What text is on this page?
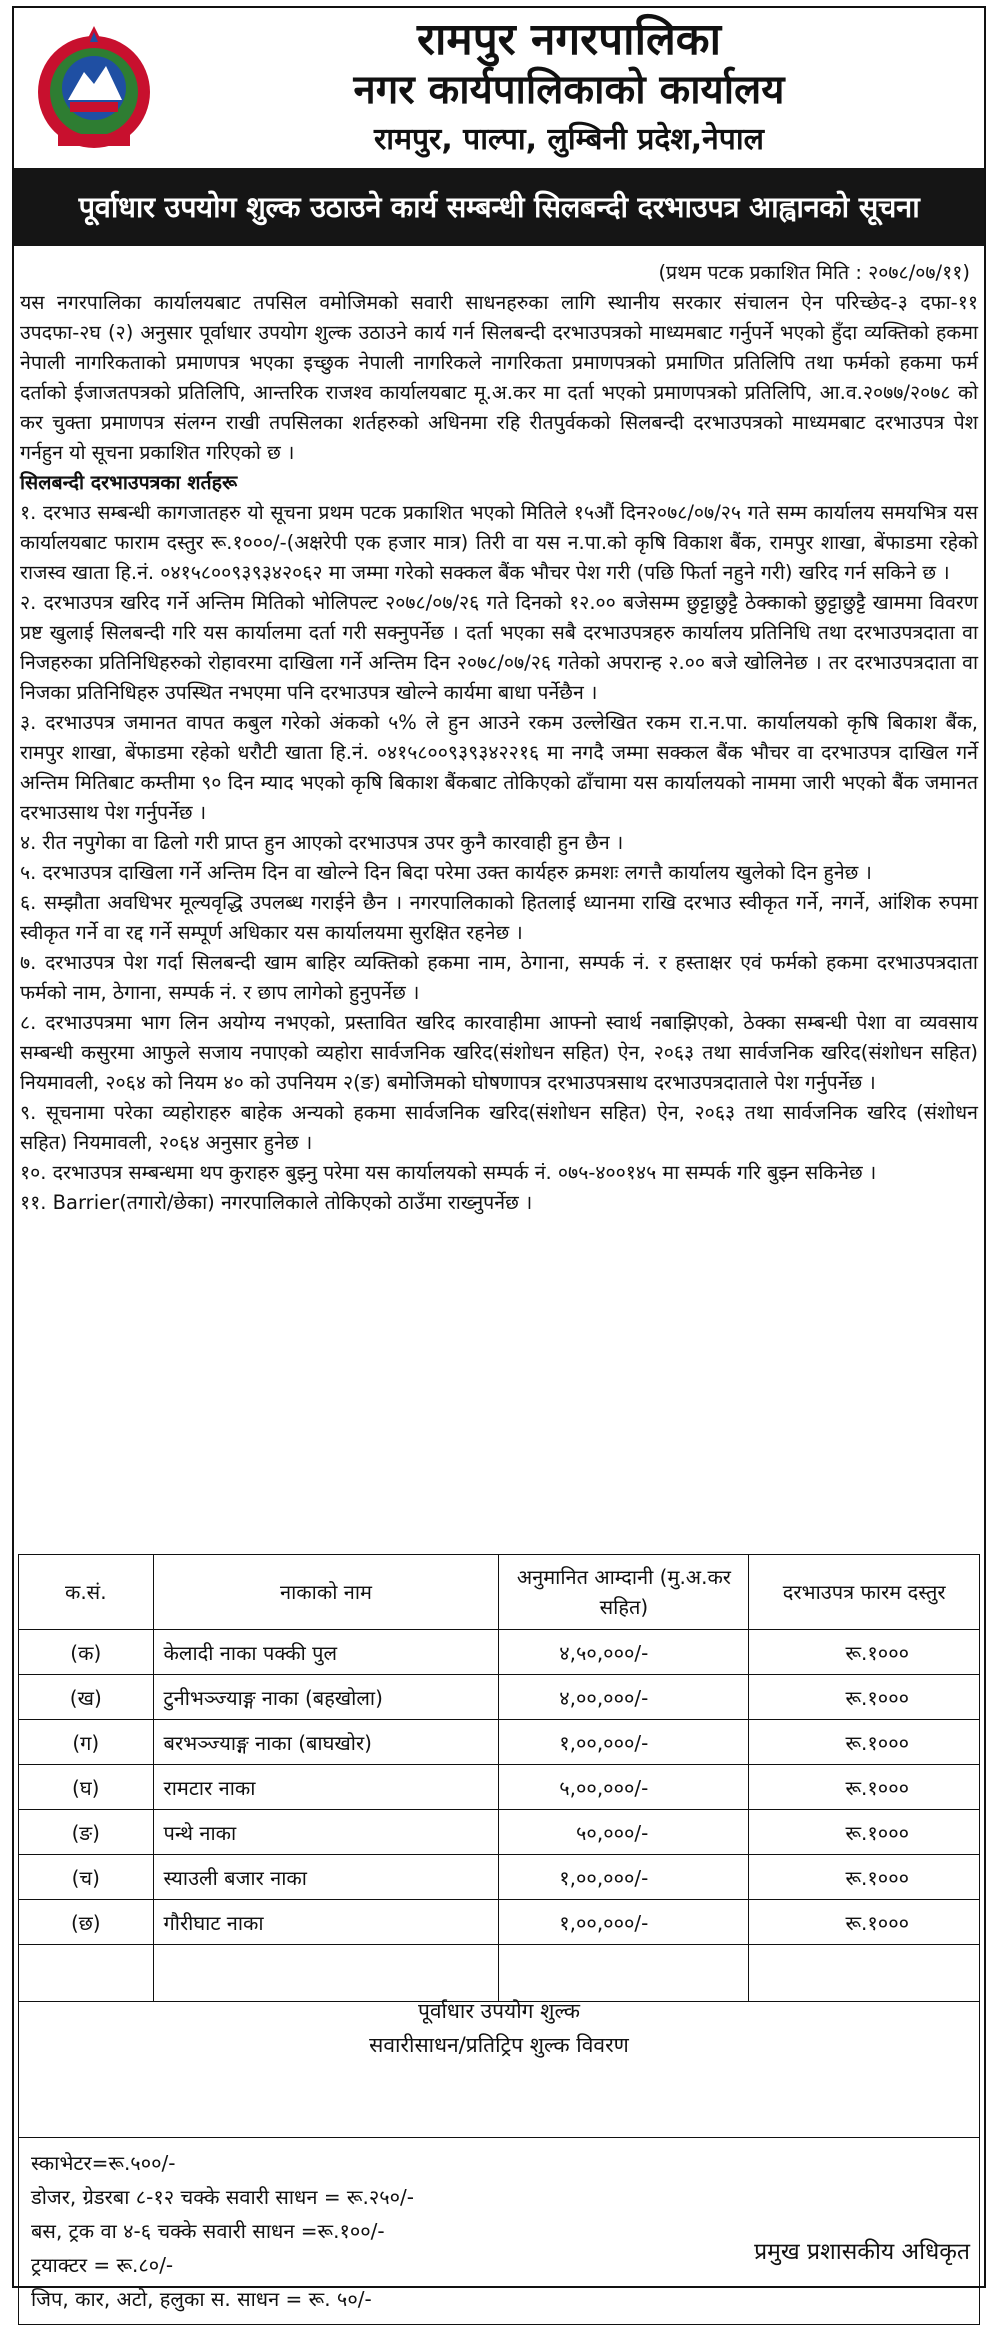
रामपुर नगरपालिका
नगर कार्यपालिकाको कार्यालय
रामपुर, पाल्पा, लुम्बिनी प्रदेश,नेपाल
पूर्वाधार उपयोग शुल्क उठाउने कार्य सम्बन्धी सिलबन्दी दरभाउपत्र आह्वानको सूचना

(प्रथम पटक प्रकाशित मिति : २०७८/०७/११)

यस नगरपालिका कार्यालयबाट तपसिल वमोजिमको सवारी साधनहरुका लागि स्थानीय सरकार संचालन ऐन परिच्छेद-३ दफा-११ उपदफा-२घ (२) अनुसार पूर्वाधार उपयोग शुल्क उठाउने कार्य गर्न सिलबन्दी दरभाउपत्रको माध्यमबाट गर्नुपर्ने भएको हुँदा व्यक्तिको हकमा नेपाली नागरिकताको प्रमाणपत्र भएका इच्छुक नेपाली नागरिकले नागरिकता प्रमाणपत्रको प्रमाणित प्रतिलिपि तथा फर्मको हकमा फर्म दर्ताको ईजाजतपत्रको प्रतिलिपि, आन्तरिक राजश्व कार्यालयबाट मू.अ.कर मा दर्ता भएको प्रमाणपत्रको प्रतिलिपि, आ.व.२०७७/२०७८ को कर चुक्ता प्रमाणपत्र संलग्न राखी तपसिलका शर्तहरुको अधिनमा रहि रीतपुर्वकको सिलबन्दी दरभाउपत्रको माध्यमबाट दरभाउपत्र पेश गर्नहुन यो सूचना प्रकाशित गरिएको छ ।

सिलबन्दी दरभाउपत्रका शर्तहरू

१. दरभाउ सम्बन्धी कागजातहरु यो सूचना प्रथम पटक प्रकाशित भएको मितिले १५औं दिन२०७८/०७/२५ गते सम्म कार्यालय समयभित्र यस कार्यालयबाट फाराम दस्तुर रू.१०००/-(अक्षरेपी एक हजार मात्र) तिरी वा यस न.पा.को कृषि विकाश बैंक, रामपुर शाखा, बेंफाडमा रहेको राजस्व खाता हि.नं. ०४१५८००९३९३४२०६२ मा जम्मा गरेको सक्कल बैंक भौचर पेश गरी (पछि फिर्ता नहुने गरी) खरिद गर्न सकिने छ ।

२. दरभाउपत्र खरिद गर्ने अन्तिम मितिको भोलिपल्ट २०७८/०७/२६ गते दिनको १२.०० बजेसम्म छुट्टाछुट्टै ठेक्काको छुट्टाछुट्टै खाममा विवरण प्रष्ट खुलाई सिलबन्दी गरि यस कार्यालमा दर्ता गरी सक्नुपर्नेछ । दर्ता भएका सबै दरभाउपत्रहरु कार्यालय प्रतिनिधि तथा दरभाउपत्रदाता वा निजहरुका प्रतिनिधिहरुको रोहावरमा दाखिला गर्ने अन्तिम दिन २०७८/०७/२६ गतेको अपरान्ह २.०० बजे खोलिनेछ । तर दरभाउपत्रदाता वा निजका प्रतिनिधिहरु उपस्थित नभएमा पनि दरभाउपत्र खोल्ने कार्यमा बाधा पर्नेछैन ।

३. दरभाउपत्र जमानत वापत कबुल गरेको अंकको ५% ले हुन आउने रकम उल्लेखित रकम रा.न.पा. कार्यालयको कृषि बिकाश बैंक, रामपुर शाखा, बेंफाडमा रहेको धरौटी खाता हि.नं. ०४१५८००९३९३४२२१६ मा नगदै जम्मा सक्कल बैंक भौचर वा दरभाउपत्र दाखिल गर्ने अन्तिम मितिबाट कम्तीमा ९० दिन म्याद भएको कृषि बिकाश बैंकबाट तोकिएको ढाँचामा यस कार्यालयको नाममा जारी भएको बैंक जमानत दरभाउसाथ पेश गर्नुपर्नेछ ।

४. रीत नपुगेका वा ढिलो गरी प्राप्त हुन आएको दरभाउपत्र उपर कुनै कारवाही हुन छैन ।

५. दरभाउपत्र दाखिला गर्ने अन्तिम दिन वा खोल्ने दिन बिदा परेमा उक्त कार्यहरु क्रमशः लगत्तै कार्यालय खुलेको दिन हुनेछ ।

६. सम्झौता अवधिभर मूल्यवृद्धि उपलब्ध गराईने छैन । नगरपालिकाको हितलाई ध्यानमा राखि दरभाउ स्वीकृत गर्ने, नगर्ने, आंशिक रुपमा स्वीकृत गर्ने वा रद्द गर्ने सम्पूर्ण अधिकार यस कार्यालयमा सुरक्षित रहनेछ ।

७. दरभाउपत्र पेश गर्दा सिलबन्दी खाम बाहिर व्यक्तिको हकमा नाम, ठेगाना, सम्पर्क नं. र हस्ताक्षर एवं फर्मको हकमा दरभाउपत्रदाता फर्मको नाम, ठेगाना, सम्पर्क नं. र छाप लागेको हुनुपर्नेछ ।

८. दरभाउपत्रमा भाग लिन अयोग्य नभएको, प्रस्तावित खरिद कारवाहीमा आफ्नो स्वार्थ नबाझिएको, ठेक्का सम्बन्धी पेशा वा व्यवसाय सम्बन्धी कसुरमा आफुले सजाय नपाएको व्यहोरा सार्वजनिक खरिद(संशोधन सहित) ऐन, २०६३ तथा सार्वजनिक खरिद(संशोधन सहित) नियमावली, २०६४ को नियम ४० को उपनियम २(ङ) बमोजिमको घोषणापत्र दरभाउपत्रसाथ दरभाउपत्रदाताले पेश गर्नुपर्नेछ ।

९. सूचनामा परेका व्यहोराहरु बाहेक अन्यको हकमा सार्वजनिक खरिद(संशोधन सहित) ऐन, २०६३ तथा सार्वजनिक खरिद (संशोधन सहित) नियमावली, २०६४ अनुसार हुनेछ ।

१०. दरभाउपत्र सम्बन्धमा थप कुराहरु बुझ्नु परेमा यस कार्यालयको सम्पर्क नं. ०७५-४००१४५ मा सम्पर्क गरि बुझ्न सकिनेछ ।

११. Barrier(तगारो/छेका) नगरपालिकाले तोकिएको ठाउँमा राख्नुपर्नेछ ।

क.सं.	नाकाको नाम	अनुमानित आम्दानी (मु.अ.कर सहित)	दरभाउपत्र फारम दस्तुर
(क)	केलादी नाका पक्की पुल	४,५०,०००/-	रू.१०००
(ख)	टुनीभञ्ज्याङ्ग नाका (बहखोला)	४,००,०००/-	रू.१०००
(ग)	बरभञ्ज्याङ्ग नाका (बाघखोर)	१,००,०००/-	रू.१०००
(घ)	रामटार नाका	५,००,०००/-	रू.१०००
(ङ)	पन्थे नाका	५०,०००/-	रू.१०००
(च)	स्याउली बजार नाका	१,००,०००/-	रू.१०००
(छ)	गौरीघाट नाका	१,००,०००/-	रू.१०००

पूर्वाधार उपयोग शुल्क
सवारीसाधन/प्रतिट्रिप शुल्क विवरण
स्काभेटर=रू.५००/-
डोजर, ग्रेडरबा ८-१२ चक्के सवारी साधन = रू.२५०/-
बस, ट्रक वा ४-६ चक्के सवारी साधन =रू.१००/-
ट्रयाक्टर = रू.८०/-
जिप, कार, अटो, हलुका स. साधन = रू. ५०/-
प्रमुख प्रशासकीय अधिकृत
